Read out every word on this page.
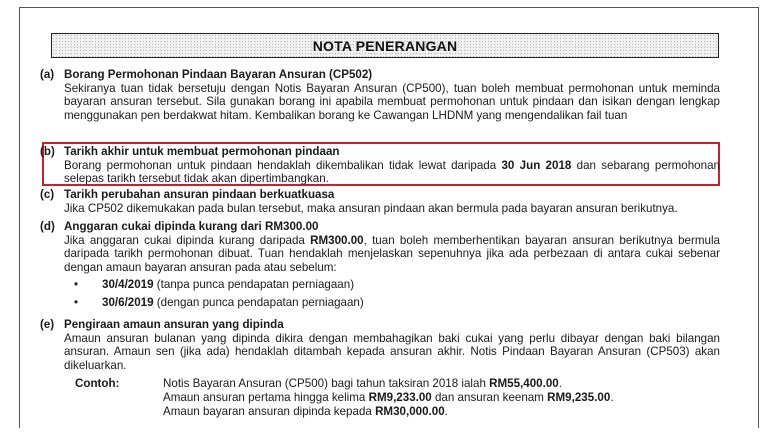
NOTA PENERANGAN
(a) Borang Permohonan Pindaan Bayaran Ansuran (CP502)

Sekiranya tuan tidak bersetuju dengan Notis Bayaran Ansuran (CP500), tuan boleh membuat permohonan untuk meminda bayaran ansuran tersebut. Sila gunakan borang ini apabila membuat permohonan untuk pindaan dan isikan dengan lengkap menggunakan pen berdakwat hitam. Kembalikan borang ke Cawangan LHDNM yang mengendalikan fail tuan

(b) Tarikh akhir untuk membuat permohonan pindaan

Borang permohonan untuk pindaan hendaklah dikembalikan tidak lewat daripada 30 Jun 2018 dan sebarang permohonan selepas tarikh tersebut tidak akan dipertimbangkan.

(c) Tarikh perubahan ansuran pindaan berkuatkuasa

Jika CP502 dikemukakan pada bulan tersebut, maka ansuran pindaan akan bermula pada bayaran ansuran berikutnya.

(d) Anggaran cukai dipinda kurang dari RM300.00

Jika anggaran cukai dipinda kurang daripada RM300.00, tuan boleh memberhentikan bayaran ansuran berikutnya bermula daripada tarikh permohonan dibuat. Tuan hendaklah menjelaskan sepenuhnya jika ada perbezaan di antara cukai sebenar dengan amaun bayaran ansuran pada atau sebelum:

•	30/4/2019 (tanpa punca pendapatan perniagaan)
•	30/6/2019 (dengan punca pendapatan perniagaan)
(e) Pengiraan amaun ansuran yang dipinda

Amaun ansuran bulanan yang dipinda dikira dengan membahagikan baki cukai yang perlu dibayar dengan baki bilangan ansuran. Amaun sen (jika ada) hendaklah ditambah kepada ansuran akhir. Notis Pindaan Bayaran Ansuran (CP503) akan dikeluarkan.

Contoh:	Notis Bayaran Ansuran (CP500) bagi tahun taksiran 2018 ialah RM55,400.00.
Amaun ansuran pertama hingga kelima RM9,233.00 dan ansuran keenam RM9,235.00.
Amaun bayaran ansuran dipinda kepada RM30,000.00.
